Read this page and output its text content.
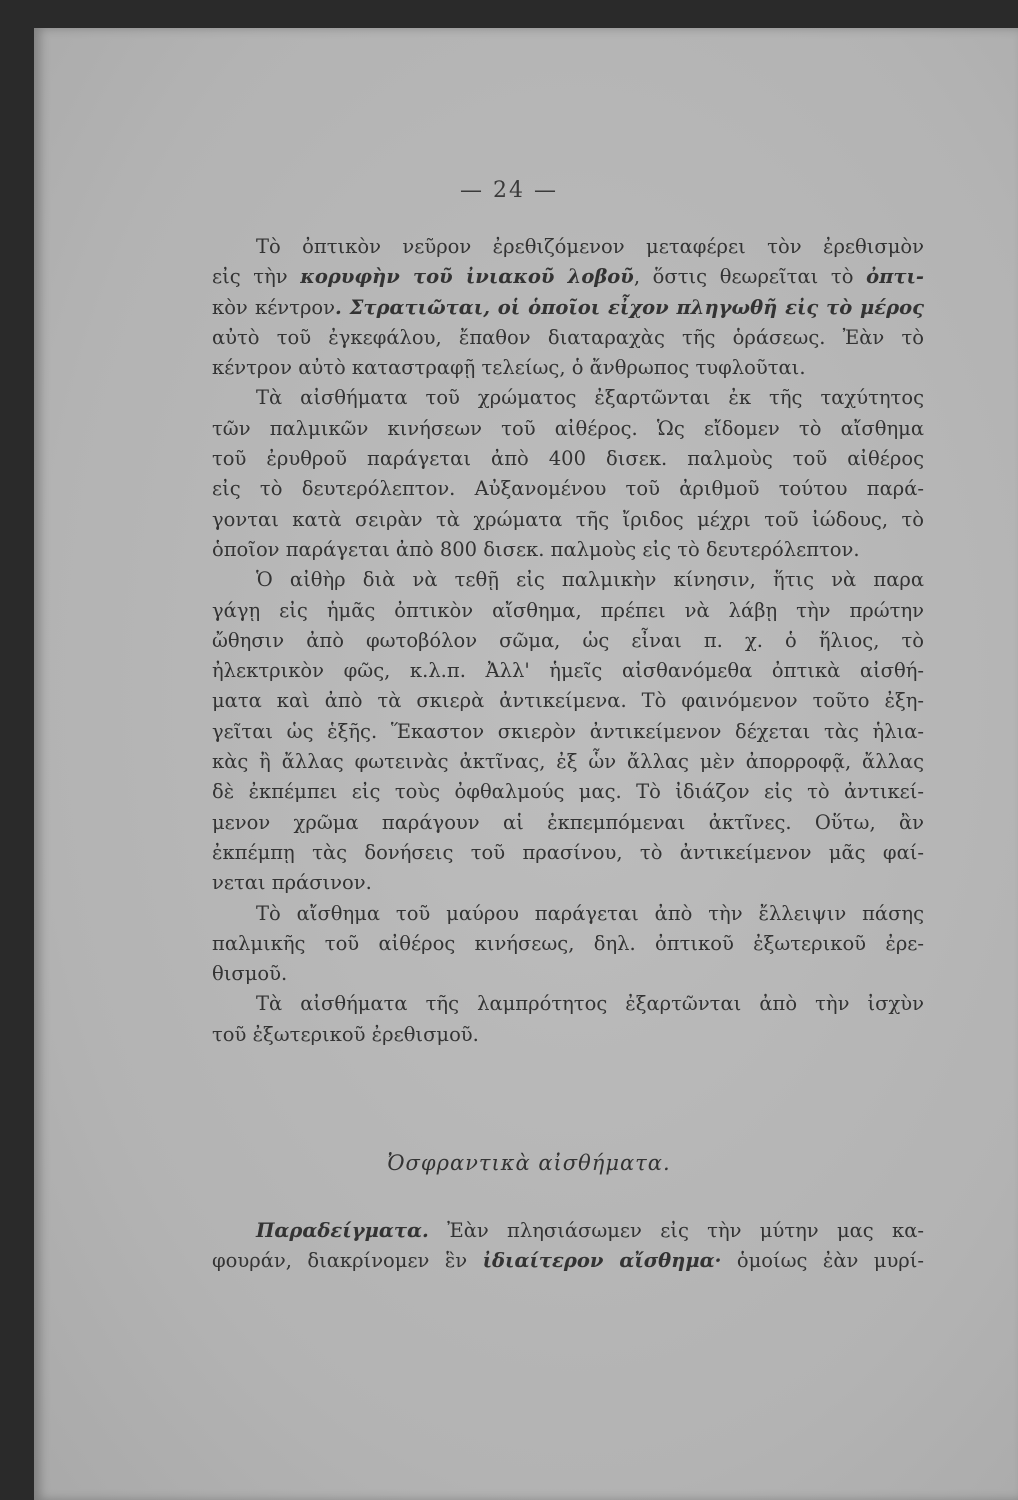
— 24 —
Τὸ ὀπτικὸν νεῦρον ἐρεθιζόμενον μεταφέρει τὸν ἐρεθισμὸν
εἰς τὴν κορυφὴν τοῦ ἰνιακοῦ λοβοῦ, ὅστις θεωρεῖται τὸ ὀπτι-
κὸν κέντρον. Στρατιῶται, οἱ ὁποῖοι εἶχον πληγωθῆ εἰς τὸ μέρος
αὐτὸ τοῦ ἐγκεφάλου, ἔπαθον διαταραχὰς τῆς ὁράσεως. Ἐὰν τὸ
κέντρον αὐτὸ καταστραφῇ τελείως, ὁ ἄνθρωπος τυφλοῦται.
Τὰ αἰσθήματα τοῦ χρώματος ἐξαρτῶνται ἐκ τῆς ταχύτητος
τῶν παλμικῶν κινήσεων τοῦ αἰθέρος. Ὡς εἴδομεν τὸ αἴσθημα
τοῦ ἐρυθροῦ παράγεται ἀπὸ 400 δισεκ. παλμοὺς τοῦ αἰθέρος
εἰς τὸ δευτερόλεπτον. Αὐξανομένου τοῦ ἀριθμοῦ τούτου παρά-
γονται κατὰ σειρὰν τὰ χρώματα τῆς ἴριδος μέχρι τοῦ ἰώδους, τὸ
ὁποῖον παράγεται ἀπὸ 800 δισεκ. παλμοὺς εἰς τὸ δευτερόλεπτον.
Ὁ αἰθὴρ διὰ νὰ τεθῇ εἰς παλμικὴν κίνησιν, ἥτις νὰ παρα
γάγῃ εἰς ἡμᾶς ὀπτικὸν αἴσθημα, πρέπει νὰ λάβῃ τὴν πρώτην
ὤθησιν ἀπὸ φωτοβόλον σῶμα, ὡς εἶναι π. χ. ὁ ἥλιος, τὸ
ἠλεκτρικὸν φῶς, κ.λ.π. Ἀλλ' ἡμεῖς αἰσθανόμεθα ὀπτικὰ αἰσθή-
ματα καὶ ἀπὸ τὰ σκιερὰ ἀντικείμενα. Τὸ φαινόμενον τοῦτο ἐξη-
γεῖται ὡς ἑξῆς. Ἕκαστον σκιερὸν ἀντικείμενον δέχεται τὰς ἡλια-
κὰς ἢ ἄλλας φωτεινὰς ἀκτῖνας, ἐξ ὧν ἄλλας μὲν ἀπορροφᾷ, ἄλλας
δὲ ἐκπέμπει εἰς τοὺς ὀφθαλμούς μας. Τὸ ἰδιάζον εἰς τὸ ἀντικεί-
μενον χρῶμα παράγουν αἱ ἐκπεμπόμεναι ἀκτῖνες. Οὕτω, ἂν
ἐκπέμπῃ τὰς δονήσεις τοῦ πρασίνου, τὸ ἀντικείμενον μᾶς φαί-
νεται πράσινον.
Τὸ αἴσθημα τοῦ μαύρου παράγεται ἀπὸ τὴν ἔλλειψιν πάσης
παλμικῆς τοῦ αἰθέρος κινήσεως, δηλ. ὀπτικοῦ ἐξωτερικοῦ ἐρε-
θισμοῦ.
Τὰ αἰσθήματα τῆς λαμπρότητος ἐξαρτῶνται ἀπὸ τὴν ἰσχὺν
τοῦ ἐξωτερικοῦ ἐρεθισμοῦ.
Ὀσφραντικὰ αἰσθήματα.
Παραδείγματα. Ἐὰν πλησιάσωμεν εἰς τὴν μύτην μας κα-
φουράν, διακρίνομεν ἓν ἰδιαίτερον αἴσθημα· ὁμοίως ἐὰν μυρί-
